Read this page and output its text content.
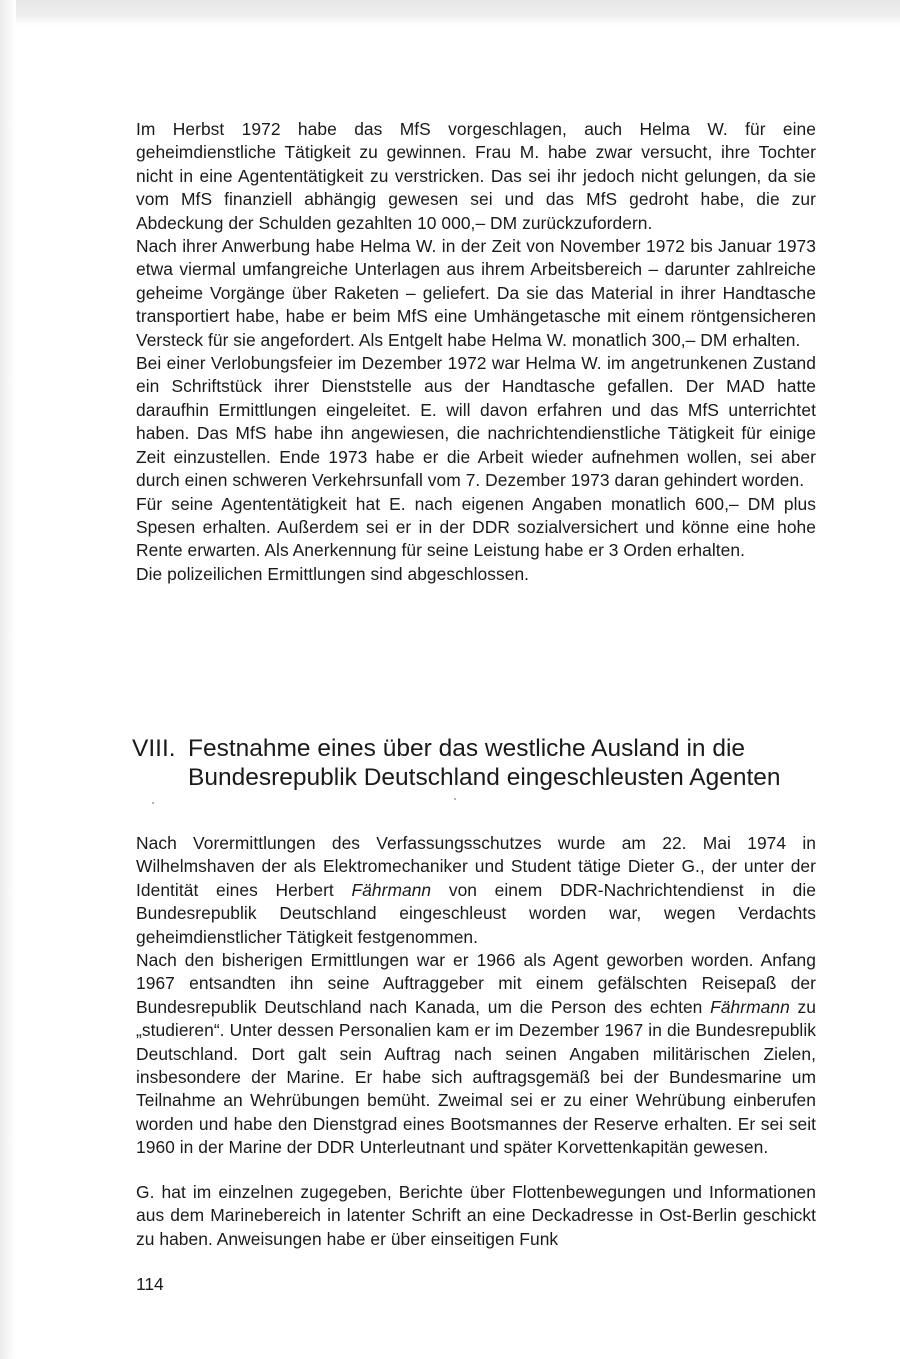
Im Herbst 1972 habe das MfS vorgeschlagen, auch Helma W. für eine geheimdienstliche Tätigkeit zu gewinnen. Frau M. habe zwar versucht, ihre Tochter nicht in eine Agententätigkeit zu verstricken. Das sei ihr jedoch nicht gelungen, da sie vom MfS finanziell abhängig gewesen sei und das MfS gedroht habe, die zur Abdeckung der Schulden gezahlten 10 000,– DM zurückzufordern.

Nach ihrer Anwerbung habe Helma W. in der Zeit von November 1972 bis Januar 1973 etwa viermal umfangreiche Unterlagen aus ihrem Arbeitsbereich – darunter zahlreiche geheime Vorgänge über Raketen – geliefert. Da sie das Material in ihrer Handtasche transportiert habe, habe er beim MfS eine Umhängetasche mit einem röntgensicheren Versteck für sie angefordert. Als Entgelt habe Helma W. monatlich 300,– DM erhalten.

Bei einer Verlobungsfeier im Dezember 1972 war Helma W. im angetrunkenen Zustand ein Schriftstück ihrer Dienststelle aus der Handtasche gefallen. Der MAD hatte daraufhin Ermittlungen eingeleitet. E. will davon erfahren und das MfS unterrichtet haben. Das MfS habe ihn angewiesen, die nachrichtendienstliche Tätigkeit für einige Zeit einzustellen. Ende 1973 habe er die Arbeit wieder aufnehmen wollen, sei aber durch einen schweren Verkehrsunfall vom 7. Dezember 1973 daran gehindert worden.

Für seine Agententätigkeit hat E. nach eigenen Angaben monatlich 600,– DM plus Spesen erhalten. Außerdem sei er in der DDR sozialversichert und könne eine hohe Rente erwarten. Als Anerkennung für seine Leistung habe er 3 Orden erhalten.

Die polizeilichen Ermittlungen sind abgeschlossen.

VIII. Festnahme eines über das westliche Ausland in die
Bundesrepublik Deutschland eingeschleusten Agenten

Nach Vorermittlungen des Verfassungsschutzes wurde am 22. Mai 1974 in Wilhelmshaven der als Elektromechaniker und Student tätige Dieter G., der unter der Identität eines Herbert Fährmann von einem DDR-Nachrichtendienst in die Bundesrepublik Deutschland eingeschleust worden war, wegen Verdachts geheimdienstlicher Tätigkeit festgenommen.

Nach den bisherigen Ermittlungen war er 1966 als Agent geworben worden. Anfang 1967 entsandten ihn seine Auftraggeber mit einem gefälschten Reisepaß der Bundesrepublik Deutschland nach Kanada, um die Person des echten Fährmann zu „studieren“. Unter dessen Personalien kam er im Dezember 1967 in die Bundesrepublik Deutschland. Dort galt sein Auftrag nach seinen Angaben militärischen Zielen, insbesondere der Marine. Er habe sich auftragsgemäß bei der Bundesmarine um Teilnahme an Wehrübungen bemüht. Zweimal sei er zu einer Wehrübung einberufen worden und habe den Dienstgrad eines Bootsmannes der Reserve erhalten. Er sei seit 1960 in der Marine der DDR Unterleutnant und später Korvettenkapitän gewesen.

G. hat im einzelnen zugegeben, Berichte über Flottenbewegungen und Informationen aus dem Marinebereich in latenter Schrift an eine Deckadresse in Ost-Berlin geschickt zu haben. Anweisungen habe er über einseitigen Funk

114
